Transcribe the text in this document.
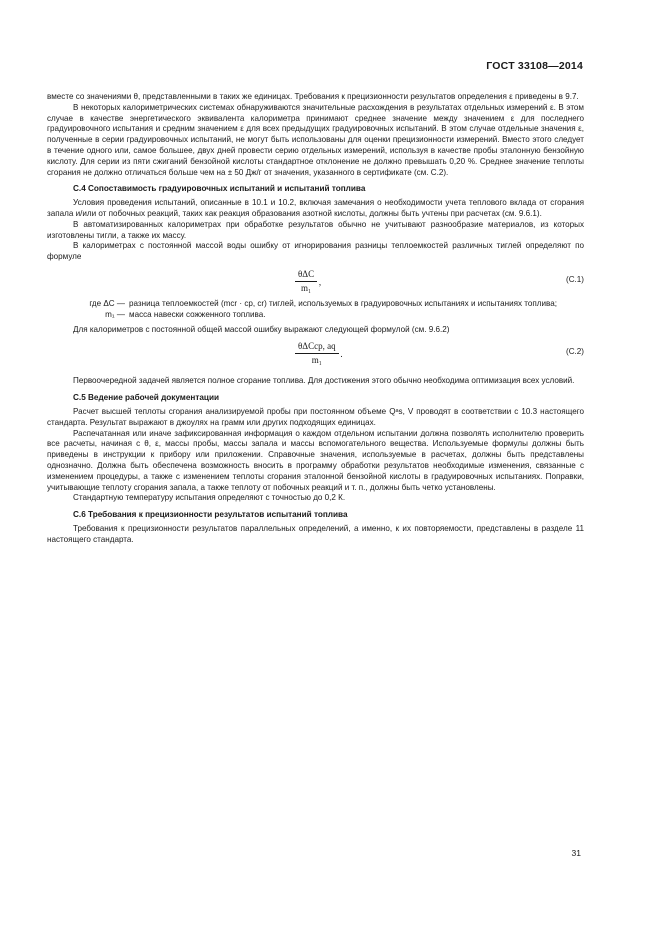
ГОСТ 33108—2014

вместе со значениями θ, представленными в таких же единицах. Требования к прецизионности результатов определения ε приведены в 9.7.

В некоторых калориметрических системах обнаруживаются значительные расхождения в результатах отдельных измерений ε. В этом случае в качестве энергетического эквивалента калориметра принимают среднее значение между значением ε для последнего градуировочного испытания и средним значением ε для всех предыдущих градуировочных испытаний. В этом случае отдельные значения ε, полученные в серии градуировочных испытаний, не могут быть использованы для оценки прецизионности измерений. Вместо этого следует в течение одного или, самое большее, двух дней провести серию отдельных измерений, используя в качестве пробы эталонную бензойную кислоту. Для серии из пяти сжиганий бензойной кислоты стандартное отклонение не должно превышать 0,20 %. Среднее значение теплоты сгорания не должно отличаться больше чем на ± 50 Дж/г от значения, указанного в сертификате (см. С.2).

С.4 Сопоставимость градуировочных испытаний и испытаний топлива

Условия проведения испытаний, описанные в 10.1 и 10.2, включая замечания о необходимости учета теплового вклада от сгорания запала и/или от побочных реакций, таких как реакция образования азотной кислоты, должны быть учтены при расчетах (см. 9.6.1).

В автоматизированных калориметрах при обработке результатов обычно не учитывают разнообразие материалов, из которых изготовлены тигли, а также их массу.

В калориметрах с постоянной массой воды ошибку от игнорирования разницы теплоемкостей различных тиглей определяют по формуле

θΔC
m₁
,	(С.1)
где ΔC — разница теплоемкостей (mсr · cp, сr) тиглей, используемых в градуировочных испытаниях и испытаниях топлива;
m₁ — масса навески сожженного топлива.

Для калориметров с постоянной общей массой ошибку выражают следующей формулой (см. 9.6.2)

θΔCcp, aq
m₁
.	(С.2)

Первоочередной задачей является полное сгорание топлива. Для достижения этого обычно необходима оптимизация всех условий.

С.5 Ведение рабочей документации

Расчет высшей теплоты сгорания анализируемой пробы при постоянном объеме Qᵃs, V проводят в соответствии с 10.3 настоящего стандарта. Результат выражают в джоулях на грамм или других подходящих единицах.

Распечатанная или иначе зафиксированная информация о каждом отдельном испытании должна позволять исполнителю проверить все расчеты, начиная с θ, ε, массы пробы, массы запала и массы вспомогательного вещества. Используемые формулы должны быть приведены в инструкции к прибору или приложении. Справочные значения, используемые в расчетах, должны быть представлены однозначно. Должна быть обеспечена возможность вносить в программу обработки результатов необходимые изменения, связанные с изменением процедуры, а также с изменением теплоты сгорания эталонной бензойной кислоты в градуировочных испытаниях. Поправки, учитывающие теплоту сгорания запала, а также теплоту от побочных реакций и т. п., должны быть четко установлены.

Стандартную температуру испытания определяют с точностью до 0,2 К.

С.6 Требования к прецизионности результатов испытаний топлива

Требования к прецизионности результатов параллельных определений, а именно, к их повторяемости, представлены в разделе 11 настоящего стандарта.

31
